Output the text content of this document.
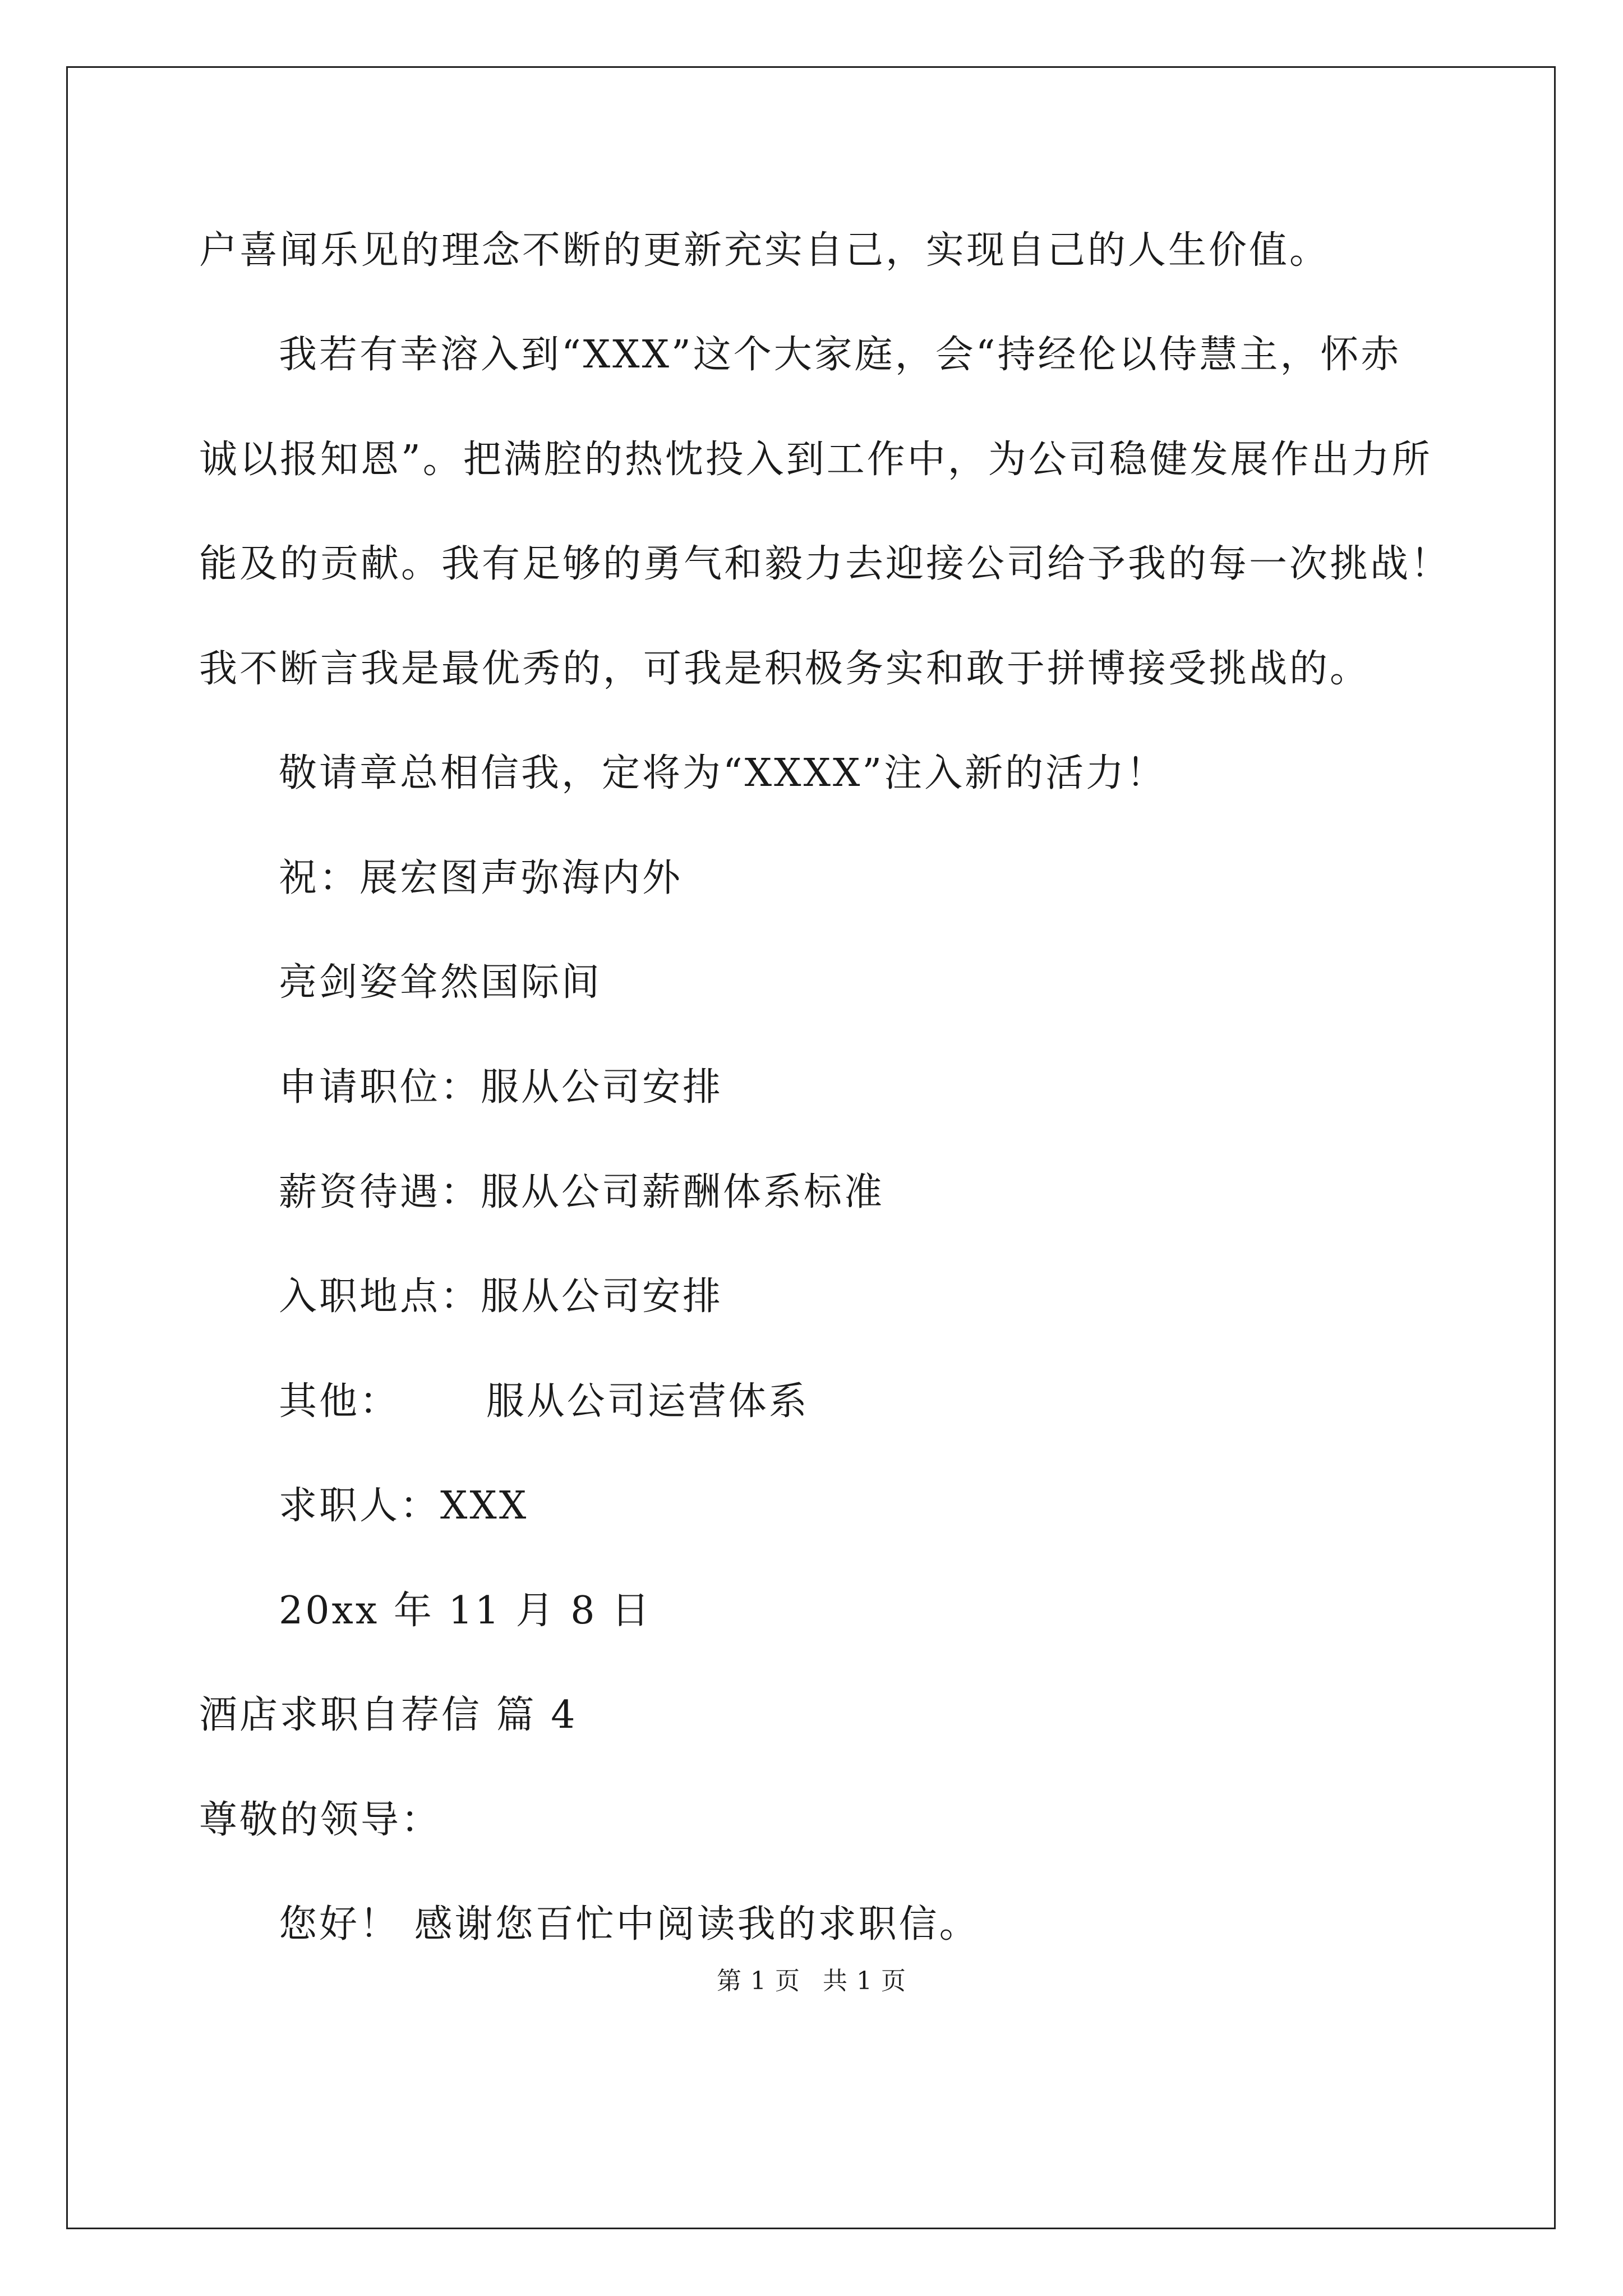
户喜闻乐见的理念不断的更新充实自己，实现自己的人生价值。
我若有幸溶入到“XXX”这个大家庭，会“持经伦以侍慧主，怀赤
诚以报知恩”。把满腔的热忱投入到工作中，为公司稳健发展作出力所
能及的贡献。我有足够的勇气和毅力去迎接公司给予我的每一次挑战！
我不断言我是最优秀的，可我是积极务实和敢于拼博接受挑战的。
敬请章总相信我，定将为“XXXX”注入新的活力！
祝：展宏图声弥海内外
亮剑姿耸然国际间
申请职位：服从公司安排
薪资待遇：服从公司薪酬体系标准
入职地点：服从公司安排
其他：      服从公司运营体系
求职人：XXX
20xx 年 11 月 8 日
酒店求职自荐信 篇 4
尊敬的领导：
您好！ 感谢您百忙中阅读我的求职信。
第 1 页 共 1 页
